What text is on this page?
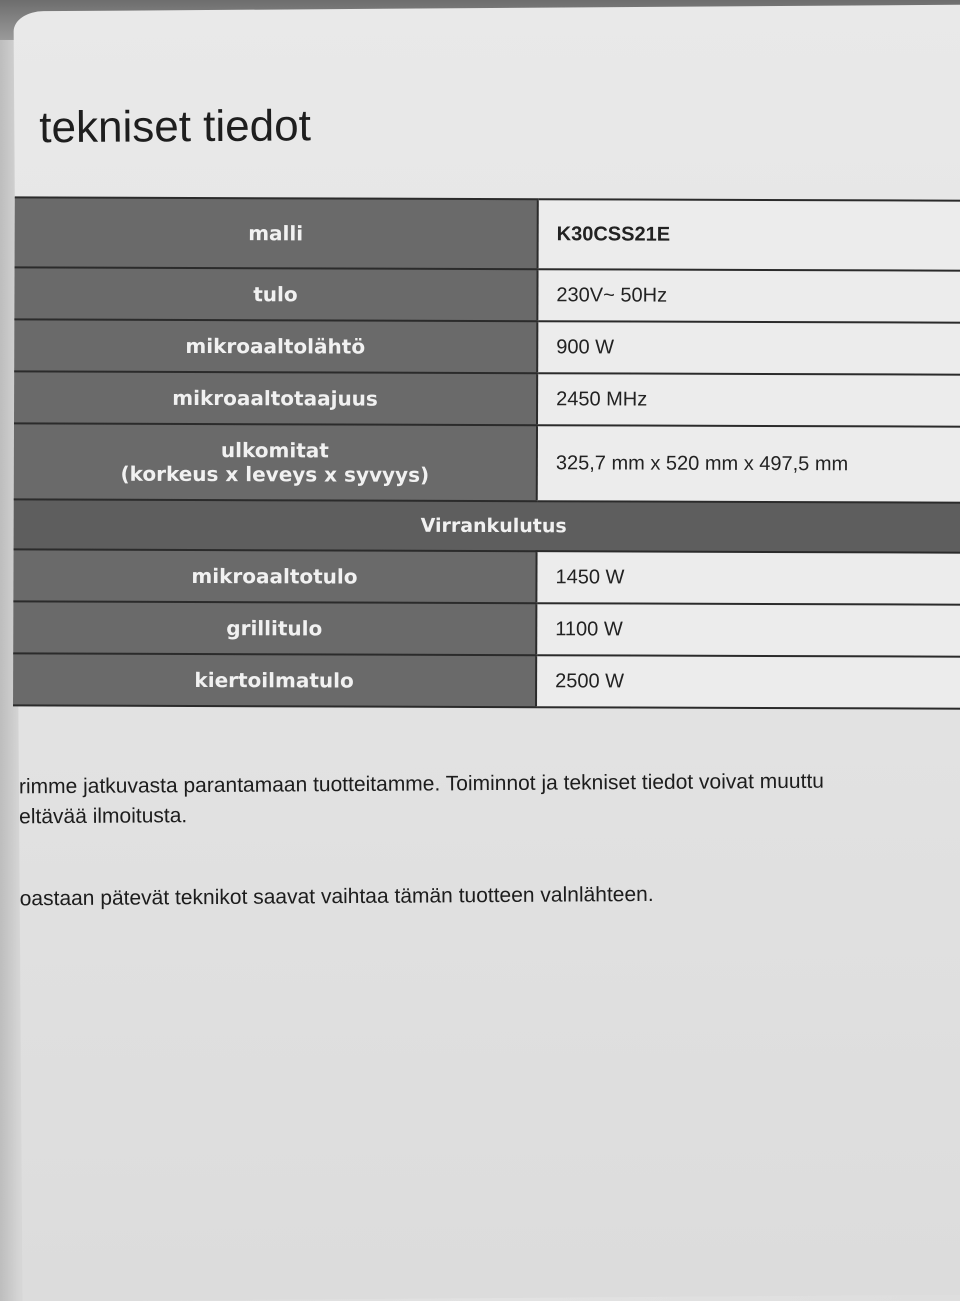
tekniset tiedot
malli	K30CSS21E
tulo	230V~ 50Hz
mikroaaltolähtö	900 W
mikroaaltotaajuus	2450 MHz

ulkomitat
(korkeus x leveys x syvyys)	325,7 mm x 520 mm x 497,5 mm
Virrankulutus	
mikroaaltotulo	1450 W
grillitulo	1100 W
kiertoilmatulo	2500 W
rimme jatkuvasta parantamaan tuotteitamme. Toiminnot ja tekniset tiedot voivat muuttu
eltävää ilmoitusta.
oastaan pätevät teknikot saavat vaihtaa tämän tuotteen valnlähteen.
